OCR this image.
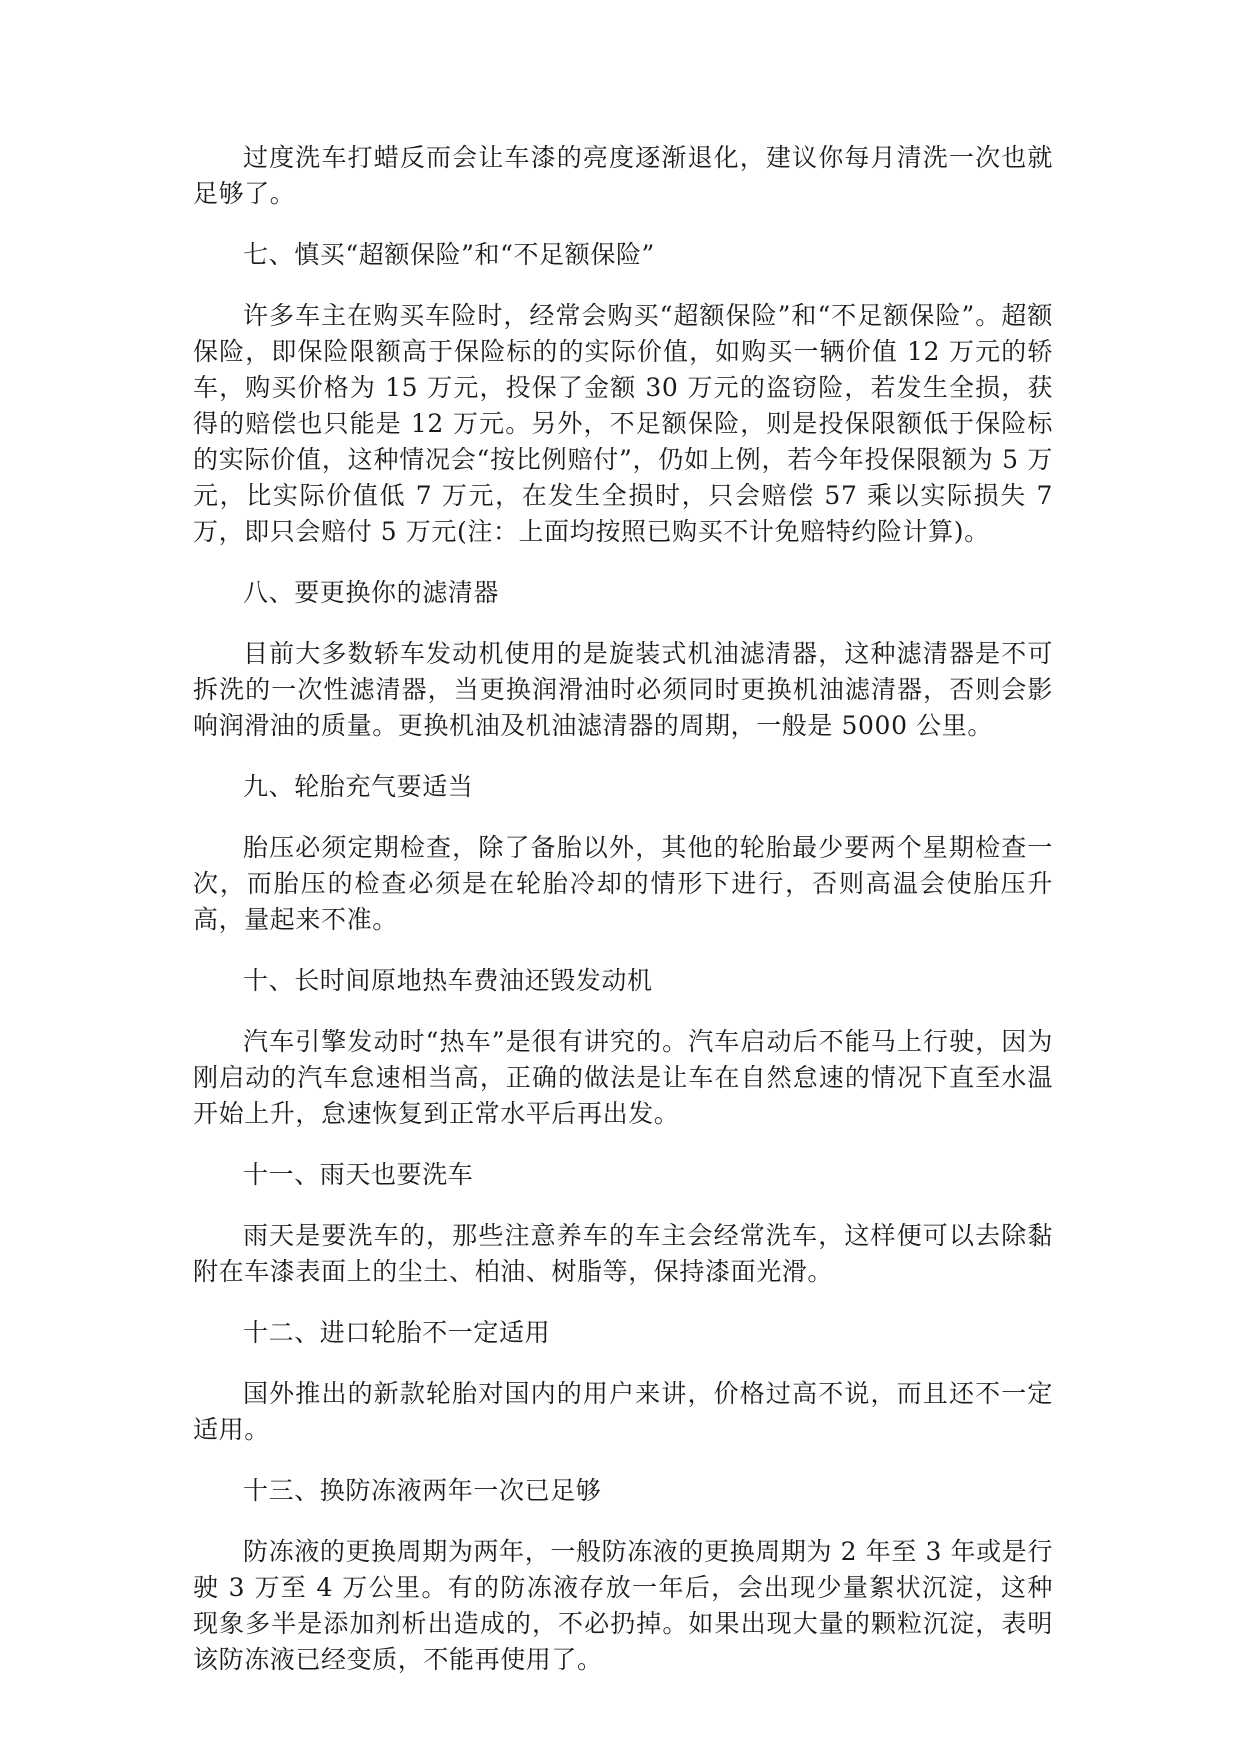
过度洗车打蜡反而会让车漆的亮度逐渐退化，建议你每月清洗一次也就足够了。

七、慎买“超额保险”和“不足额保险”

许多车主在购买车险时，经常会购买“超额保险”和“不足额保险”。超额保险，即保险限额高于保险标的的实际价值，如购买一辆价值 12 万元的轿车，购买价格为 15 万元，投保了金额 30 万元的盗窃险，若发生全损，获得的赔偿也只能是 12 万元。另外，不足额保险，则是投保限额低于保险标的实际价值，这种情况会“按比例赔付”，仍如上例，若今年投保限额为 5 万元，比实际价值低 7 万元，在发生全损时，只会赔偿 57 乘以实际损失 7 万，即只会赔付 5 万元(注：上面均按照已购买不计免赔特约险计算)。

八、要更换你的滤清器

目前大多数轿车发动机使用的是旋装式机油滤清器，这种滤清器是不可拆洗的一次性滤清器，当更换润滑油时必须同时更换机油滤清器，否则会影响润滑油的质量。更换机油及机油滤清器的周期，一般是 5000 公里。

九、轮胎充气要适当

胎压必须定期检查，除了备胎以外，其他的轮胎最少要两个星期检查一次，而胎压的检查必须是在轮胎冷却的情形下进行，否则高温会使胎压升高，量起来不准。

十、长时间原地热车费油还毁发动机

汽车引擎发动时“热车”是很有讲究的。汽车启动后不能马上行驶，因为刚启动的汽车怠速相当高，正确的做法是让车在自然怠速的情况下直至水温开始上升，怠速恢复到正常水平后再出发。

十一、雨天也要洗车

雨天是要洗车的，那些注意养车的车主会经常洗车，这样便可以去除黏附在车漆表面上的尘土、柏油、树脂等，保持漆面光滑。

十二、进口轮胎不一定适用

国外推出的新款轮胎对国内的用户来讲，价格过高不说，而且还不一定适用。

十三、换防冻液两年一次已足够

防冻液的更换周期为两年，一般防冻液的更换周期为 2 年至 3 年或是行驶 3 万至 4 万公里。有的防冻液存放一年后，会出现少量絮状沉淀，这种现象多半是添加剂析出造成的，不必扔掉。如果出现大量的颗粒沉淀，表明该防冻液已经变质，不能再使用了。
